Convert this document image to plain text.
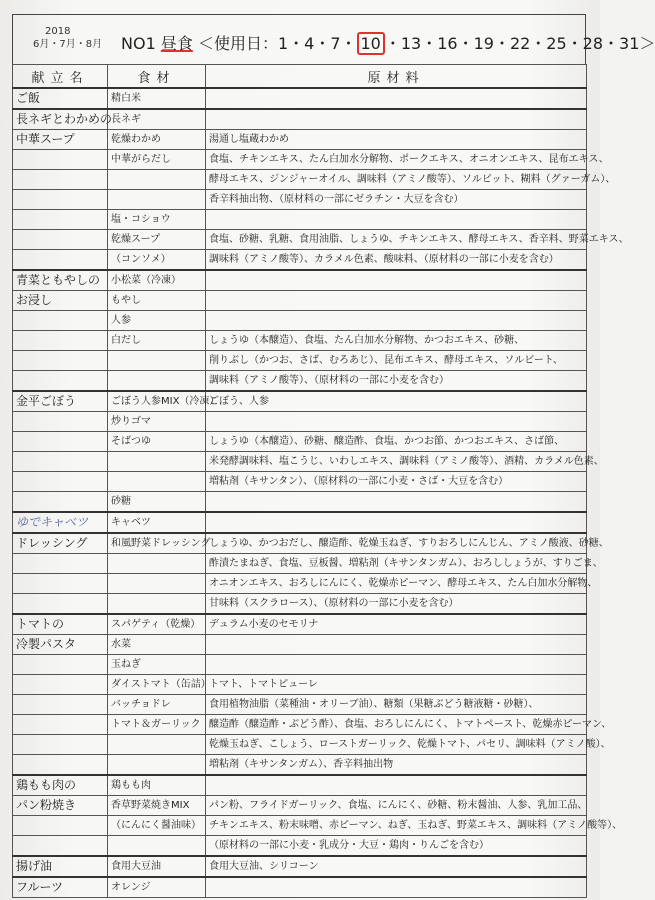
2018
6月・7月・8月 NO1 昼食 ＜使用日：1・4・7・ 10 ・13・16・19・22・25・28・31＞
献立名	食材	原材料
ご飯	精白米	
長ネギとわかめの	長ネギ	
中華スープ	乾燥わかめ	湯通し塩蔵わかめ
	中華がらだし	食塩、チキンエキス、たん白加水分解物、ポークエキス、オニオンエキス、昆布エキス、
		酵母エキス、ジンジャーオイル、調味料（アミノ酸等）、ソルビット、糊料（グァーガム）、
		香辛料抽出物、（原材料の一部にゼラチン・大豆を含む）
	塩・コショウ	
	乾燥スープ	食塩、砂糖、乳糖、食用油脂、しょうゆ、チキンエキス、酵母エキス、香辛料、野菜エキス、
	（コンソメ）	調味料（アミノ酸等）、カラメル色素、酸味料、（原材料の一部に小麦を含む）
青菜ともやしの	小松菜（冷凍）	
お浸し	もやし	
	人参	
	白だし	しょうゆ（本醸造）、食塩、たん白加水分解物、かつおエキス、砂糖、
		削りぶし（かつお、さば、むろあじ）、昆布エキス、酵母エキス、ソルビート、
		調味料（アミノ酸等）、（原材料の一部に小麦を含む）
金平ごぼう	ごぼう人参MIX（冷凍）	ごぼう、人参
	炒りゴマ	
	そばつゆ	しょうゆ（本醸造）、砂糖、醸造酢、食塩、かつお節、かつおエキス、さば節、
		米発酵調味料、塩こうじ、いわしエキス、調味料（アミノ酸等）、酒精、カラメル色素、
		増粘剤（キサンタン）、（原材料の一部に小麦・さば・大豆を含む）
	砂糖	
ゆでキャベツ	キャベツ	
ドレッシング	和風野菜ドレッシング	しょうゆ、かつおだし、醸造酢、乾燥玉ねぎ、すりおろしにんじん、アミノ酸液、砂糖、
		酢漬たまねぎ、食塩、豆板醤、増粘剤（キサンタンガム）、おろししょうが、すりごま、
		オニオンエキス、おろしにんにく、乾燥赤ピーマン、酵母エキス、たん白加水分解物、
		甘味料（スクラロース）、（原材料の一部に小麦を含む）
トマトの	スパゲティ（乾燥）	デュラム小麦のセモリナ
冷製パスタ	水菜	
	玉ねぎ	
	ダイストマト（缶詰）	トマト、トマトピューレ
	バッチョドレ	食用植物油脂（菜種油・オリーブ油）、糖類（果糖ぶどう糖液糖・砂糖）、
	トマト＆ガーリック	醸造酢（醸造酢・ぶどう酢）、食塩、おろしにんにく、トマトペースト、乾燥赤ピーマン、
		乾燥玉ねぎ、こしょう、ローストガーリック、乾燥トマト、パセリ、調味料（アミノ酸）、
		増粘剤（キサンタンガム）、香辛料抽出物
鶏もも肉の	鶏もも肉	
パン粉焼き	香草野菜焼きMIX	パン粉、フライドガーリック、食塩、にんにく、砂糖、粉末醤油、人参、乳加工品、
	（にんにく醤油味）	チキンエキス、粉末味噌、赤ピーマン、ねぎ、玉ねぎ、野菜エキス、調味料（アミノ酸等）、
		（原材料の一部に小麦・乳成分・大豆・鶏肉・りんごを含む）
揚げ油	食用大豆油	食用大豆油、シリコーン
フルーツ	オレンジ	
